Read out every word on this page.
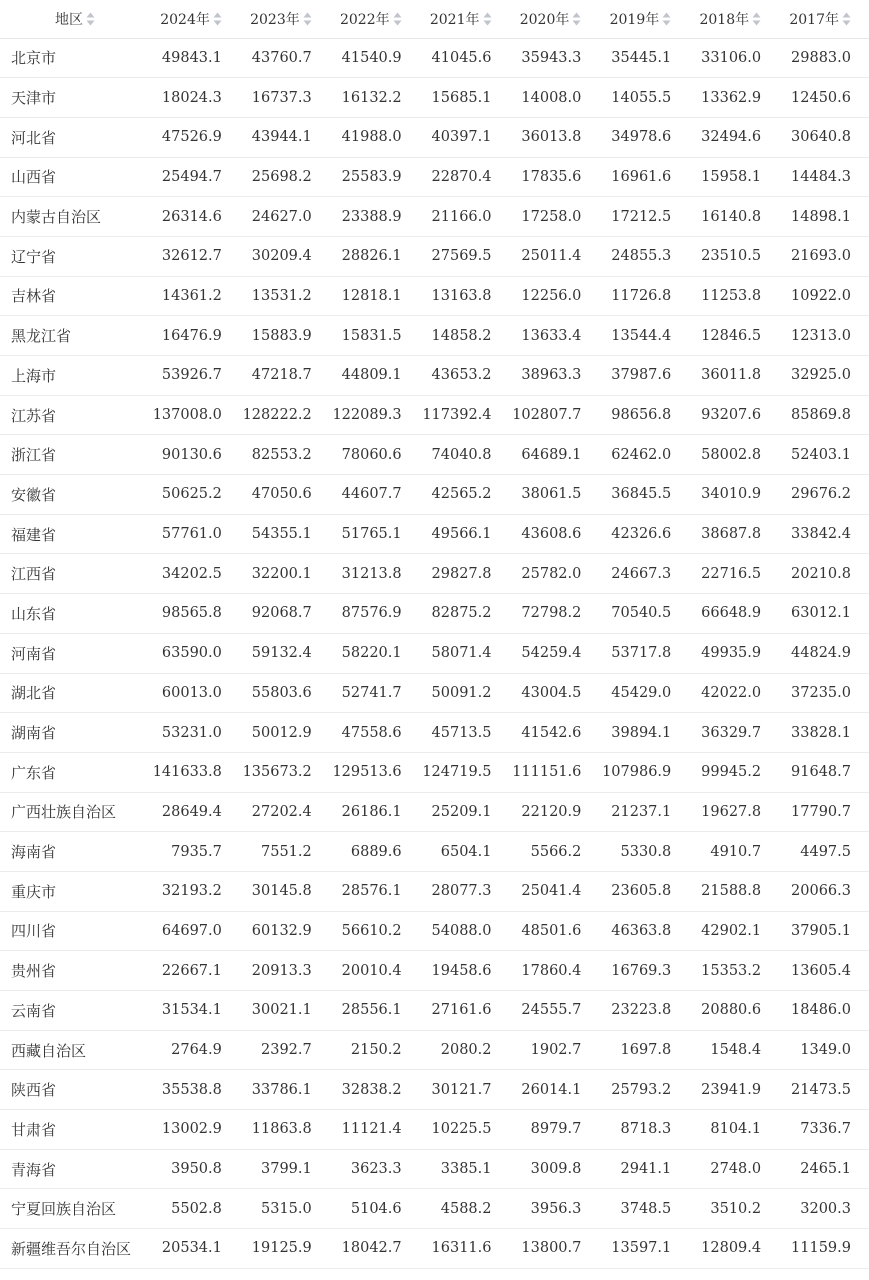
地区	2024年	2023年	2022年	2021年	2020年	2019年	2018年	2017年

北京市	49843.1	43760.7	41540.9	41045.6	35943.3	35445.1	33106.0	29883.0
天津市	18024.3	16737.3	16132.2	15685.1	14008.0	14055.5	13362.9	12450.6
河北省	47526.9	43944.1	41988.0	40397.1	36013.8	34978.6	32494.6	30640.8
山西省	25494.7	25698.2	25583.9	22870.4	17835.6	16961.6	15958.1	14484.3
内蒙古自治区	26314.6	24627.0	23388.9	21166.0	17258.0	17212.5	16140.8	14898.1
辽宁省	32612.7	30209.4	28826.1	27569.5	25011.4	24855.3	23510.5	21693.0
吉林省	14361.2	13531.2	12818.1	13163.8	12256.0	11726.8	11253.8	10922.0
黑龙江省	16476.9	15883.9	15831.5	14858.2	13633.4	13544.4	12846.5	12313.0
上海市	53926.7	47218.7	44809.1	43653.2	38963.3	37987.6	36011.8	32925.0
江苏省	137008.0	128222.2	122089.3	117392.4	102807.7	98656.8	93207.6	85869.8
浙江省	90130.6	82553.2	78060.6	74040.8	64689.1	62462.0	58002.8	52403.1
安徽省	50625.2	47050.6	44607.7	42565.2	38061.5	36845.5	34010.9	29676.2
福建省	57761.0	54355.1	51765.1	49566.1	43608.6	42326.6	38687.8	33842.4
江西省	34202.5	32200.1	31213.8	29827.8	25782.0	24667.3	22716.5	20210.8
山东省	98565.8	92068.7	87576.9	82875.2	72798.2	70540.5	66648.9	63012.1
河南省	63590.0	59132.4	58220.1	58071.4	54259.4	53717.8	49935.9	44824.9
湖北省	60013.0	55803.6	52741.7	50091.2	43004.5	45429.0	42022.0	37235.0
湖南省	53231.0	50012.9	47558.6	45713.5	41542.6	39894.1	36329.7	33828.1
广东省	141633.8	135673.2	129513.6	124719.5	111151.6	107986.9	99945.2	91648.7
广西壮族自治区	28649.4	27202.4	26186.1	25209.1	22120.9	21237.1	19627.8	17790.7
海南省	7935.7	7551.2	6889.6	6504.1	5566.2	5330.8	4910.7	4497.5
重庆市	32193.2	30145.8	28576.1	28077.3	25041.4	23605.8	21588.8	20066.3
四川省	64697.0	60132.9	56610.2	54088.0	48501.6	46363.8	42902.1	37905.1
贵州省	22667.1	20913.3	20010.4	19458.6	17860.4	16769.3	15353.2	13605.4
云南省	31534.1	30021.1	28556.1	27161.6	24555.7	23223.8	20880.6	18486.0
西藏自治区	2764.9	2392.7	2150.2	2080.2	1902.7	1697.8	1548.4	1349.0
陕西省	35538.8	33786.1	32838.2	30121.7	26014.1	25793.2	23941.9	21473.5
甘肃省	13002.9	11863.8	11121.4	10225.5	8979.7	8718.3	8104.1	7336.7
青海省	3950.8	3799.1	3623.3	3385.1	3009.8	2941.1	2748.0	2465.1
宁夏回族自治区	5502.8	5315.0	5104.6	4588.2	3956.3	3748.5	3510.2	3200.3
新疆维吾尔自治区	20534.1	19125.9	18042.7	16311.6	13800.7	13597.1	12809.4	11159.9
